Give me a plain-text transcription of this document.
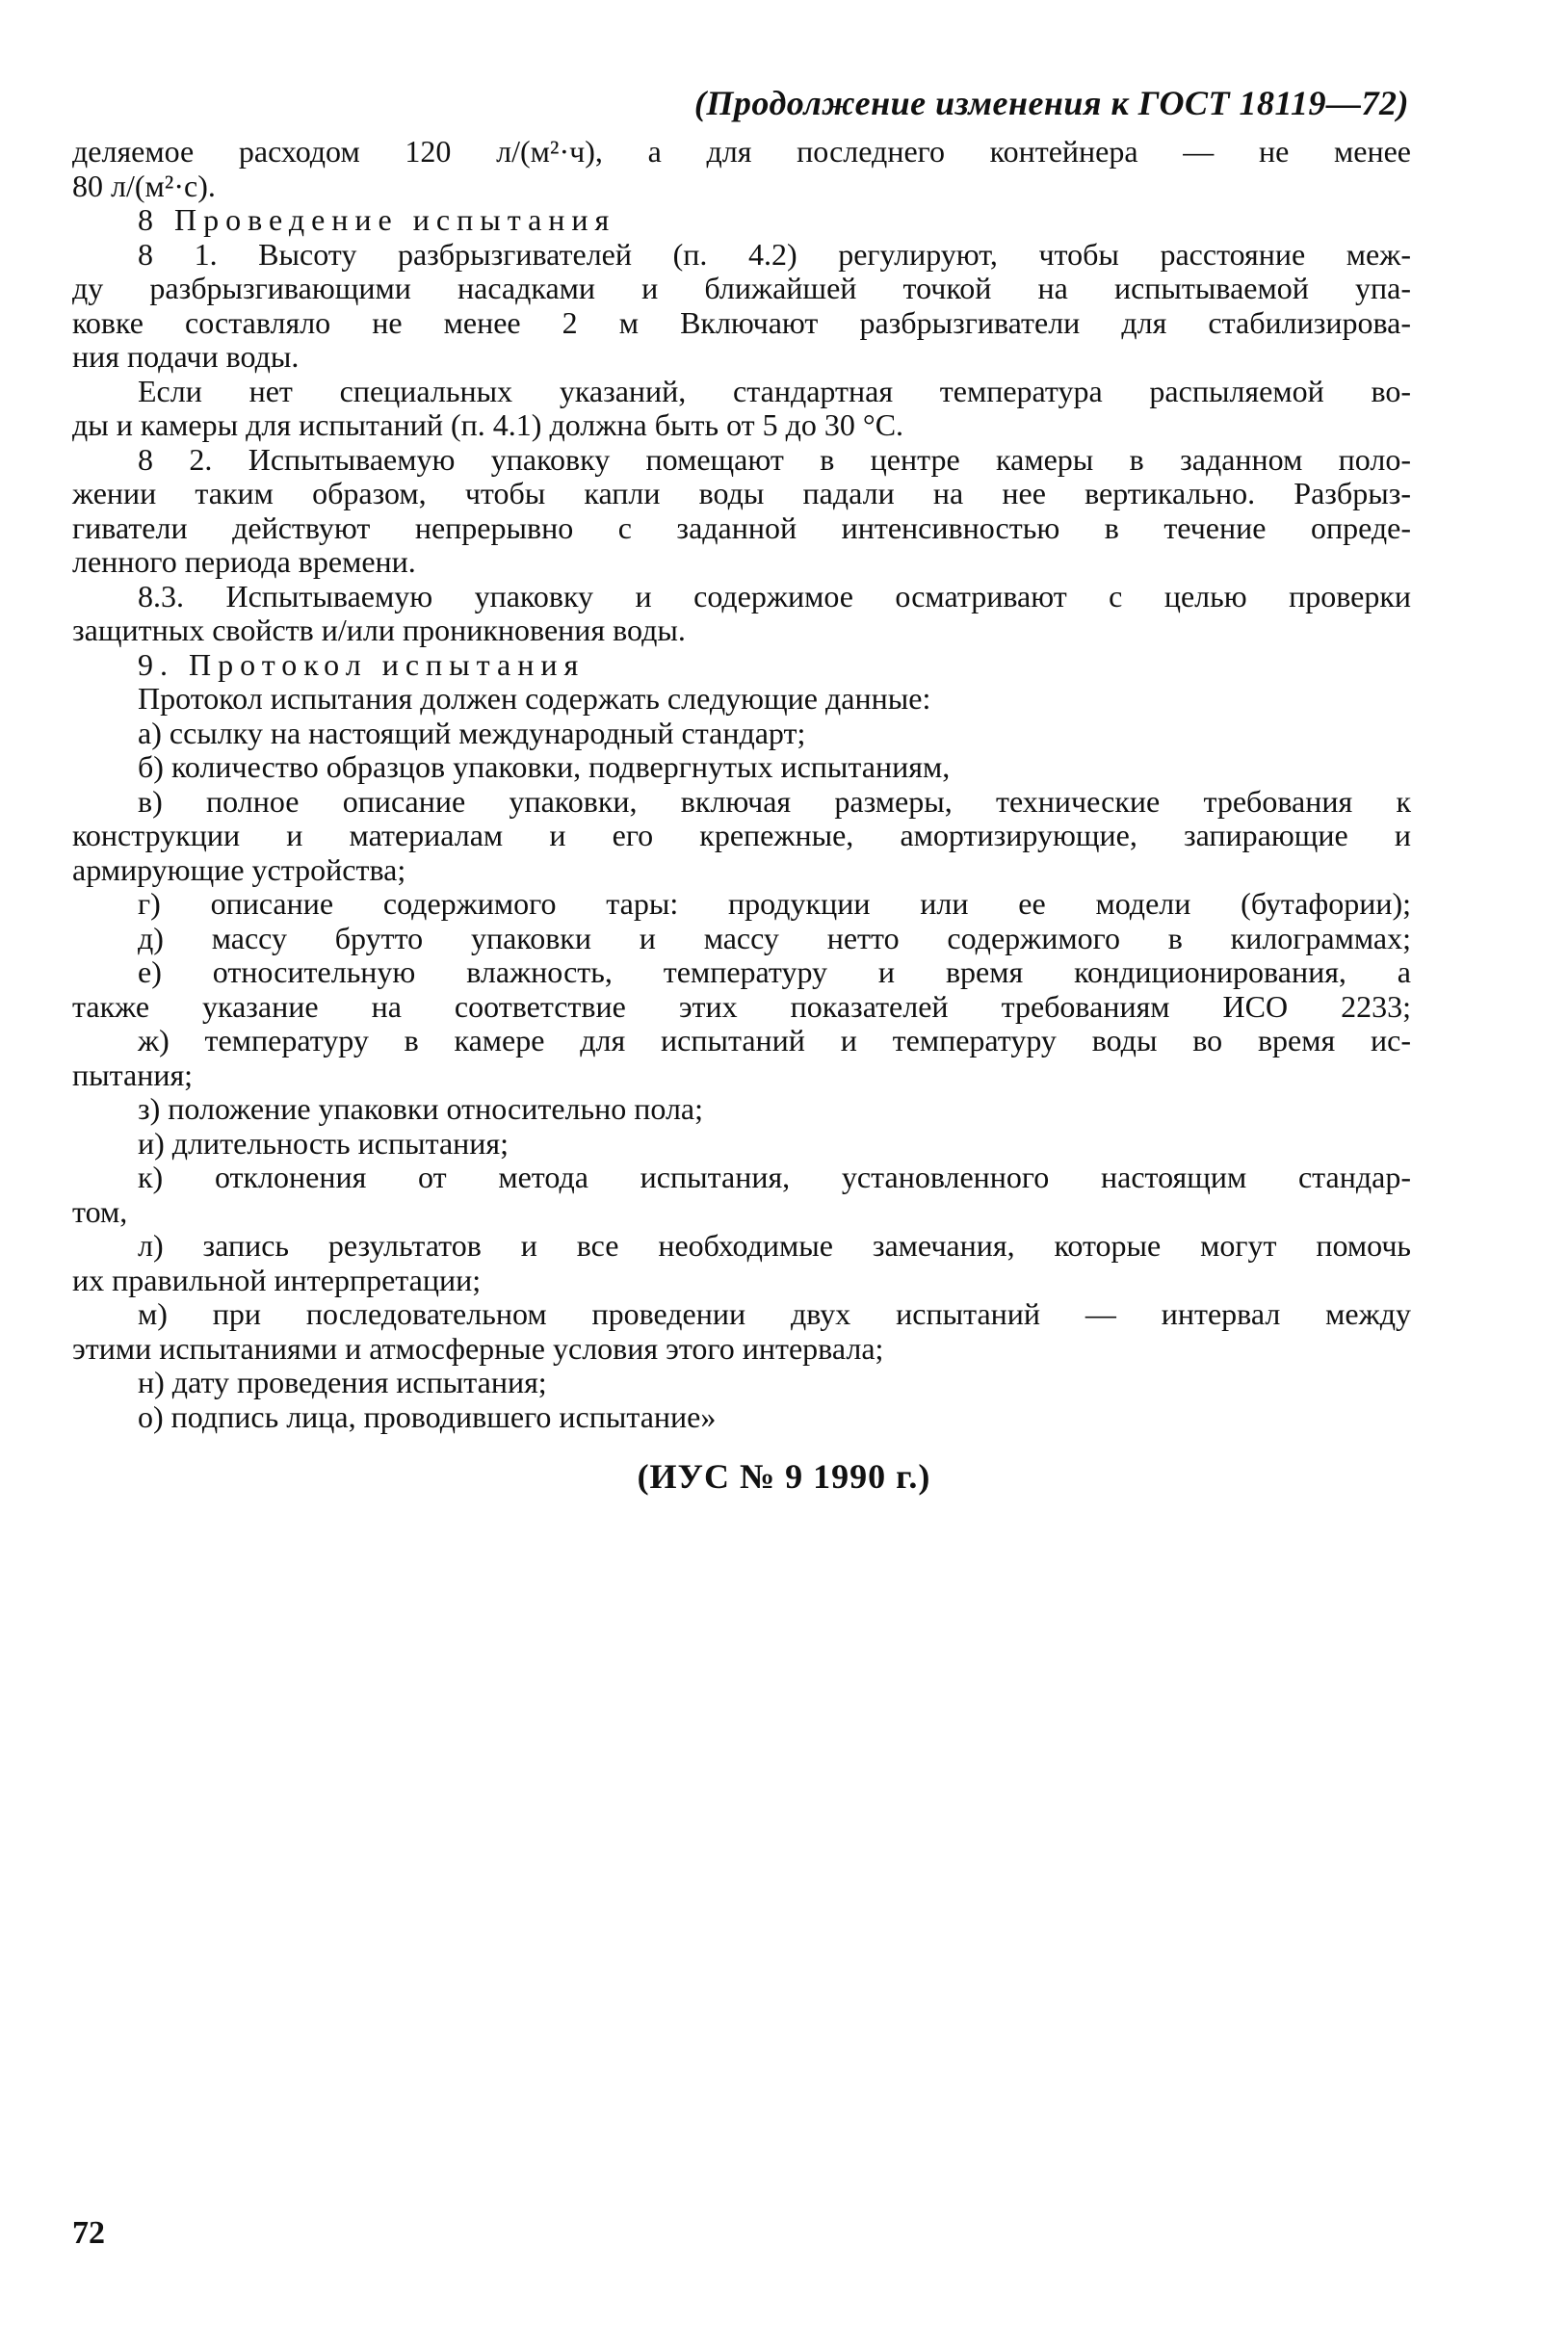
(Продолжение изменения к ГОСТ 18119—72)
деляемое расходом 120 л/(м²·ч), а для последнего контейнера — не менее
80 л/(м²·с).
8 Проведение испытания
8 1. Высоту разбрызгивателей (п. 4.2) регулируют, чтобы расстояние меж-
ду разбрызгивающими насадками и ближайшей точкой на испытываемой упа-
ковке составляло не менее 2 м Включают разбрызгиватели для стабилизирова-
ния подачи воды.
Если нет специальных указаний, стандартная температура распыляемой во-
ды и камеры для испытаний (п. 4.1) должна быть от 5 до 30 °С.
8 2. Испытываемую упаковку помещают в центре камеры в заданном поло-
жении таким образом, чтобы капли воды падали на нее вертикально. Разбрыз-
гиватели действуют непрерывно с заданной интенсивностью в течение опреде-
ленного периода времени.
8.3. Испытываемую упаковку и содержимое осматривают с целью проверки
защитных свойств и/или проникновения воды.
9. Протокол испытания
Протокол испытания должен содержать следующие данные:
а) ссылку на настоящий международный стандарт;
б) количество образцов упаковки, подвергнутых испытаниям,
в) полное описание упаковки, включая размеры, технические требования к
конструкции и материалам и его крепежные, амортизирующие, запирающие и
армирующие устройства;
г) описание содержимого тары: продукции или ее модели (бутафории);
д) массу брутто упаковки и массу нетто содержимого в килограммах;
е) относительную влажность, температуру и время кондиционирования, а
также указание на соответствие этих показателей требованиям ИСО 2233;
ж) температуру в камере для испытаний и температуру воды во время ис-
пытания;
з) положение упаковки относительно пола;
и) длительность испытания;
к) отклонения от метода испытания, установленного настоящим стандар-
том,
л) запись результатов и все необходимые замечания, которые могут помочь
их правильной интерпретации;
м) при последовательном проведении двух испытаний — интервал между
этими испытаниями и атмосферные условия этого интервала;
н) дату проведения испытания;
о) подпись лица, проводившего испытание»
(ИУС № 9 1990 г.)
72
